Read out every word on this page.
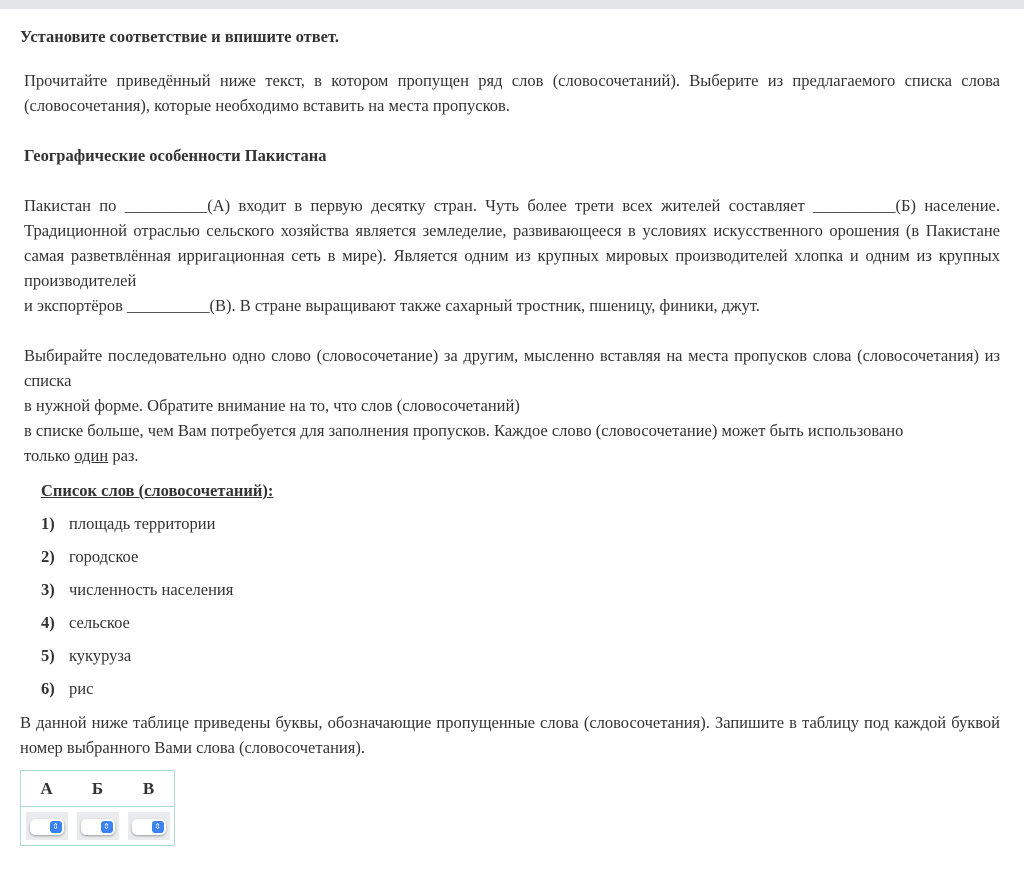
Установите соответствие и впишите ответ.
Прочитайте приведённый ниже текст, в котором пропущен ряд слов (словосочетаний). Выберите из предлагаемого списка слова (словосочетания), которые необходимо вставить на места пропусков.
Географические особенности Пакистана
Пакистан по __________(А) входит в первую десятку стран. Чуть более трети всех жителей составляет __________(Б) население. Традиционной отраслью сельского хозяйства является земледелие, развивающееся в условиях искусственного орошения (в Пакистане самая разветвлённая ирригационная сеть в мире). Является одним из крупных мировых производителей хлопка и одним из крупных производителей
и экспортёров __________(В). В стране выращивают также сахарный тростник, пшеницу, финики, джут.
Выбирайте последовательно одно слово (словосочетание) за другим, мысленно вставляя на места пропусков слова (словосочетания) из списка
в нужной форме. Обратите внимание на то, что слов (словосочетаний)
в списке больше, чем Вам потребуется для заполнения пропусков. Каждое слово (словосочетание) может быть использовано
только один раз.
Список слов (словосочетаний):
1) площадь территории
2) городское
3) численность населения
4) сельское
5) кукуруза
6) рис
В данной ниже таблице приведены буквы, обозначающие пропущенные слова (словосочетания). Запишите в таблицу под каждой буквой номер выбранного Вами слова (словосочетания).
А	Б	В

⇕	⇕	⇕
